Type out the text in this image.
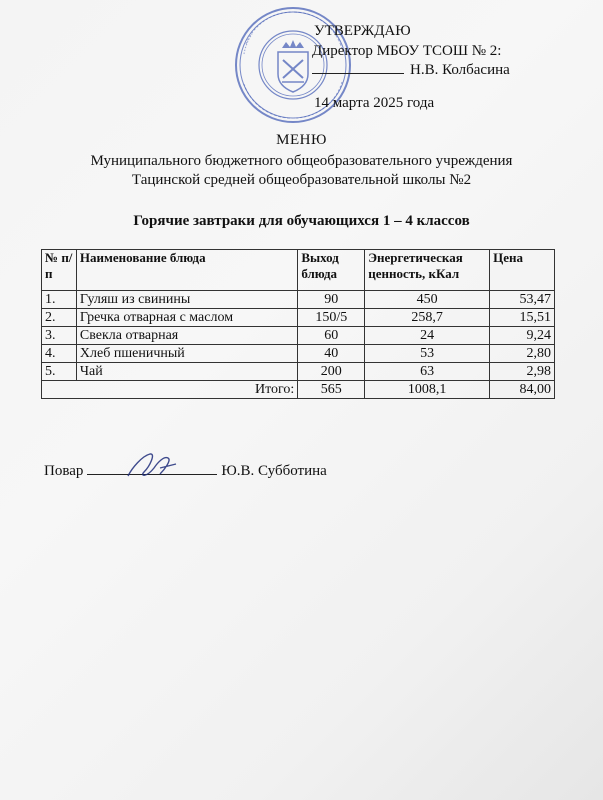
УТВЕРЖДАЮ
Директор МБОУ ТСОШ № 2:
Н.В. Колбасина
14 марта 2025 года
МЕНЮ
Муниципального бюджетного общеобразовательного учреждения
Тацинской средней общеобразовательной школы №2
Горячие завтраки для обучающихся 1 – 4 классов
№ п/п	Наименование блюда	Выход блюда	Энергетическая ценность, кКал	Цена
1.	Гуляш из свинины	90	450	53,47
2.	Гречка отварная с маслом	150/5	258,7	15,51
3.	Свекла отварная	60	24	9,24
4.	Хлеб пшеничный	40	53	2,80
5.	Чай	200	63	2,98
Итого:		565	1008,1	84,00
Повар	Ю.В. Субботина
